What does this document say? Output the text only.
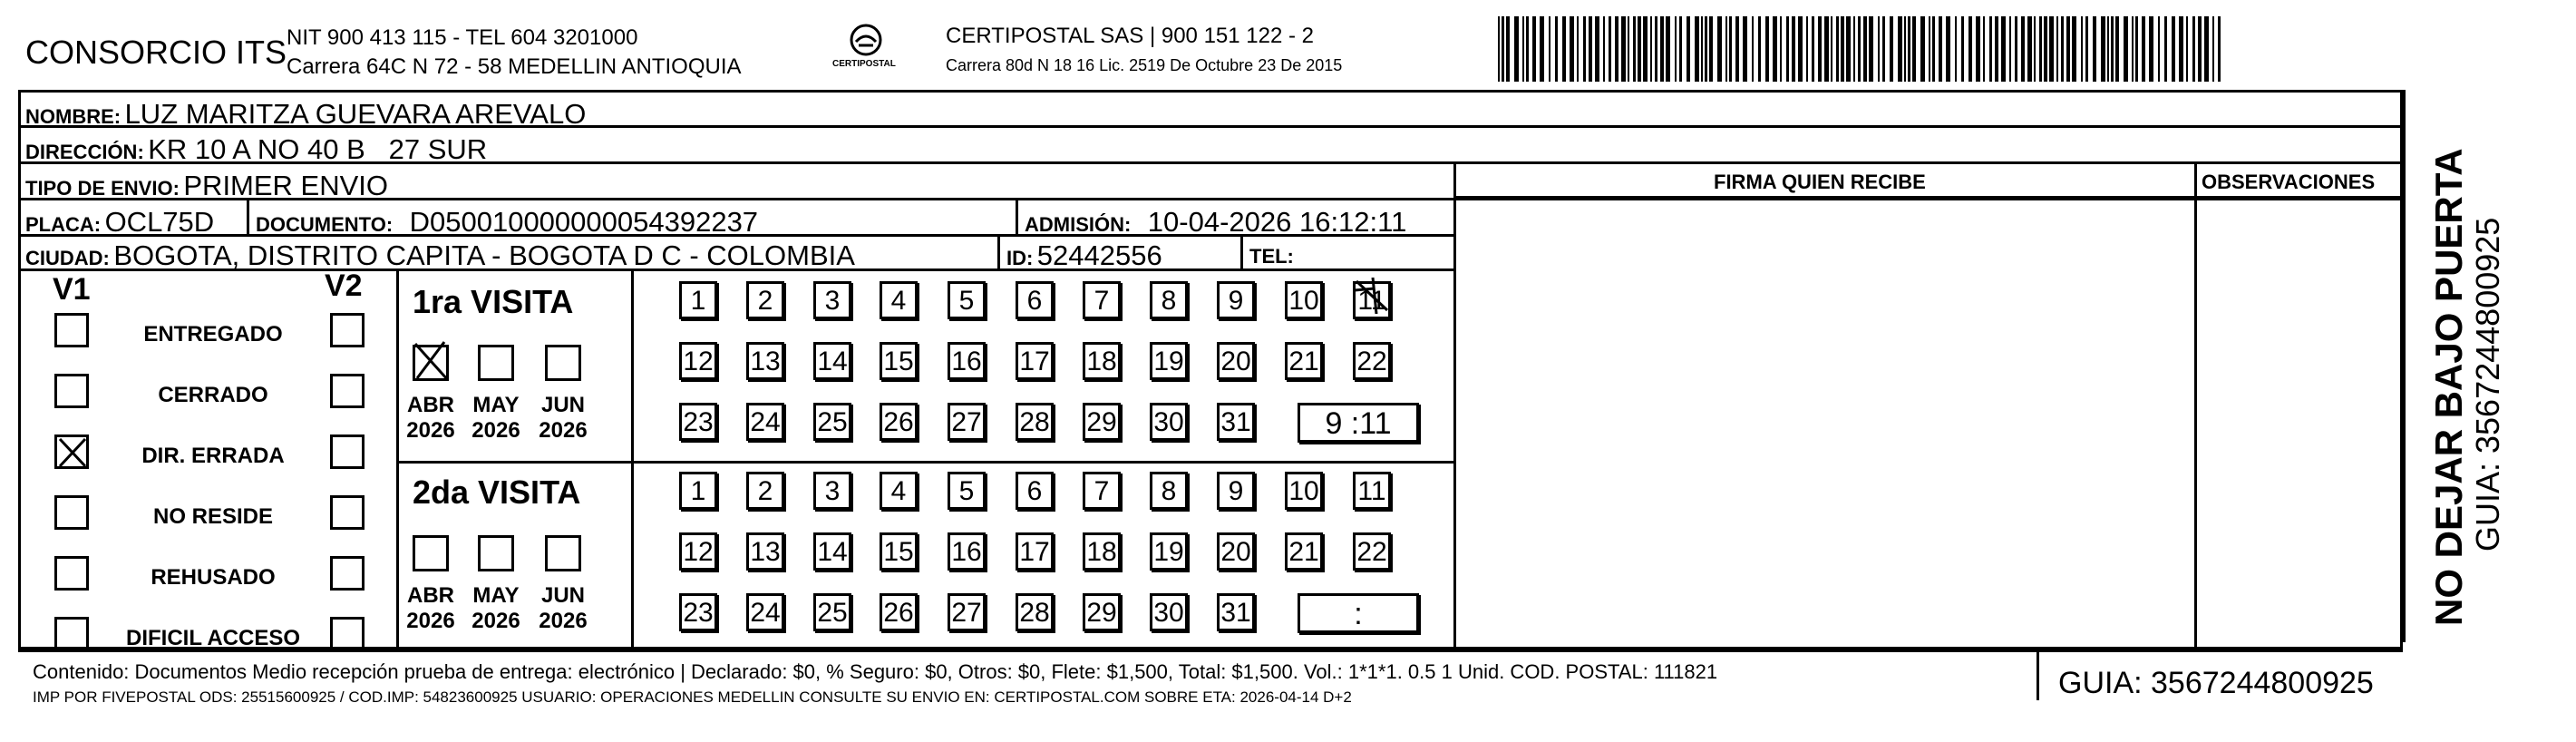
CONSORCIO ITS NIT 900 413 115 - TEL 604 3201000
Carrera 64C N 72 - 58 MEDELLIN ANTIOQUIA	CERTIPOSTAL
CERTIPOSTAL SAS | 900 151 122 - 2
Carrera 80d N 18 16 Lic. 2519 De Octubre 23 De 2015
NOMBRE: LUZ MARITZA GUEVARA AREVALO
DIRECCIÓN: KR 10 A NO 40 B   27 SUR
TIPO DE ENVIO: PRIMER ENVIO
PLACA: OCL75D DOCUMENTO: D050010000000054392237	ADMISIÓN: 10-04-2026 16:12:11
CIUDAD: BOGOTA, DISTRITO CAPITA - BOGOTA D C - COLOMBIA	ID: 52442556	TEL:
FIRMA QUIEN RECIBE	OBSERVACIONES
V1	V2
ENTREGADO
CERRADO
DIR. ERRADA
NO RESIDE
REHUSADO
DIFICIL ACCESO
1ra VISITA
ABR
2026
MAY
2026
JUN
2026
1	2	3	4	5	6	7	8	9	10 11
12 13 14 15 16 17 18 19 20 21 22
23 24 25 26 27 28 29 30 31	9 :11
2da VISITA
ABR
2026
MAY
2026
JUN
2026
1	2	3	4	5	6	7	8	9	10 11
12 13 14 15 16 17 18 19 20 21 22
23 24 25 26 27 28 29 30 31	:
Contenido: Documentos Medio recepción prueba de entrega: electrónico | Declarado: $0, % Seguro: $0, Otros: $0, Flete: $1,500, Total: $1,500. Vol.: 1*1*1. 0.5 1 Unid. COD. POSTAL: 111821
IMP POR FIVEPOSTAL ODS: 25515600925 / COD.IMP: 54823600925 USUARIO: OPERACIONES MEDELLIN CONSULTE SU ENVIO EN: CERTIPOSTAL.COM SOBRE ETA: 2026-04-14 D+2	GUIA: 3567244800925
NO DEJAR BAJO PUERTA GUIA: 3567244800925
